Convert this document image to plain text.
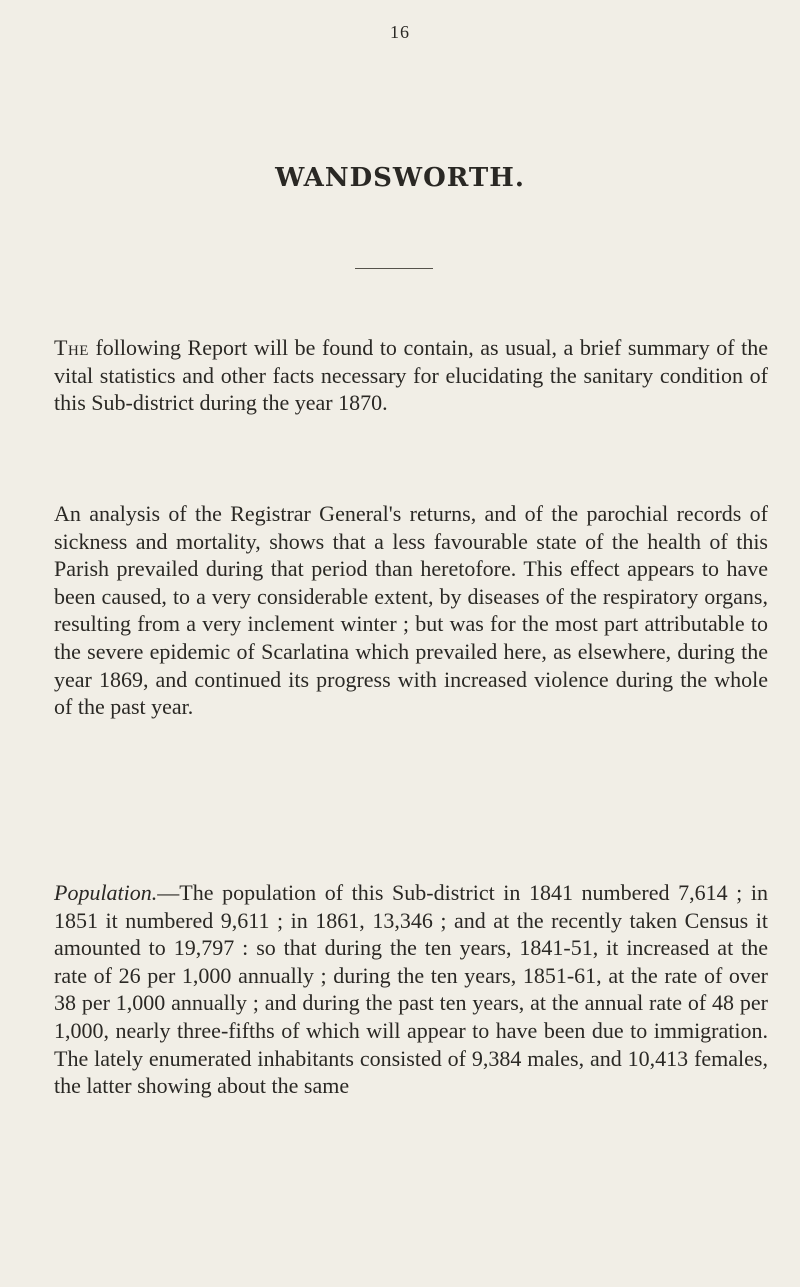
16
WANDSWORTH.

The following Report will be found to contain, as usual, a brief summary of the vital statistics and other facts necessary for elucidating the sanitary condition of this Sub-district during the year 1870.

An analysis of the Registrar General's returns, and of the parochial records of sickness and mortality, shows that a less favourable state of the health of this Parish prevailed during that period than heretofore. This effect appears to have been caused, to a very considerable extent, by diseases of the respiratory organs, resulting from a very inclement winter ; but was for the most part attributable to the severe epidemic of Scarlatina which prevailed here, as elsewhere, during the year 1869, and continued its progress with increased violence during the whole of the past year.

Population.—The population of this Sub-district in 1841 numbered 7,614 ; in 1851 it numbered 9,611 ; in 1861, 13,346 ; and at the recently taken Census it amounted to 19,797 : so that during the ten years, 1841-51, it increased at the rate of 26 per 1,000 annually ; during the ten years, 1851-61, at the rate of over 38 per 1,000 annually ; and during the past ten years, at the annual rate of 48 per 1,000, nearly three-fifths of which will appear to have been due to immigration. The lately enumerated inhabitants consisted of 9,384 males, and 10,413 females, the latter showing about the same
